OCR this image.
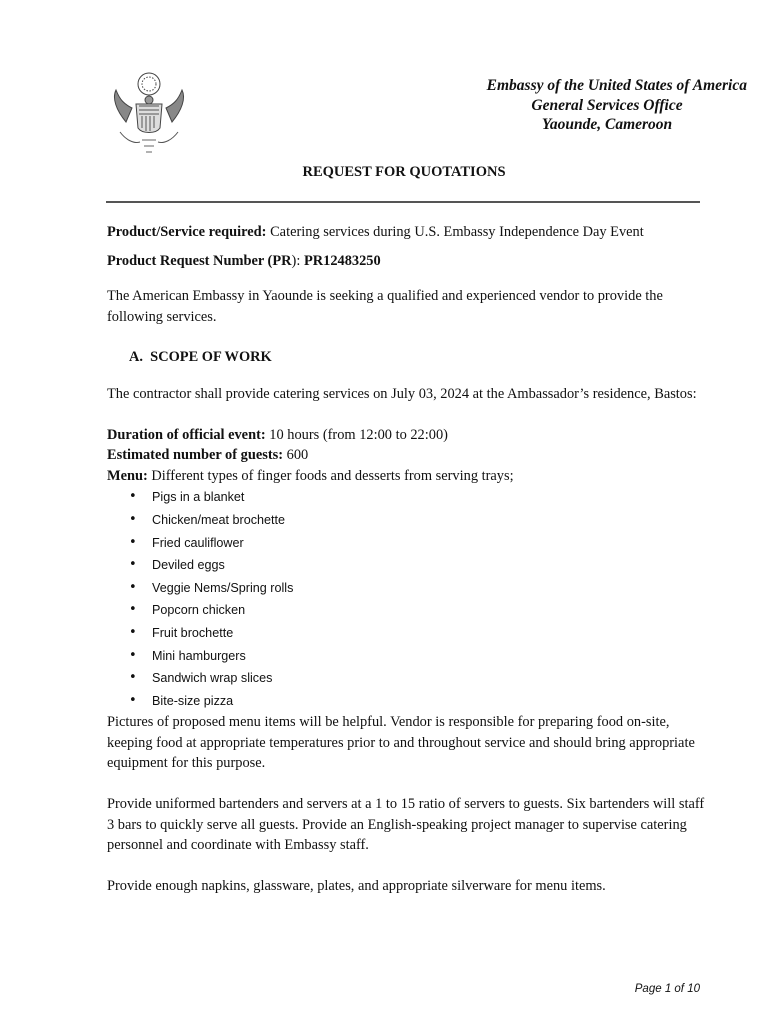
Embassy of the United States of America
General Services Office
Yaounde, Cameroon
REQUEST FOR QUOTATIONS

Product/Service required: Catering services during U.S. Embassy Independence Day Event

Product Request Number (PR): PR12483250

The American Embassy in Yaounde is seeking a qualified and experienced vendor to provide the following services.

A.  SCOPE OF WORK

The contractor shall provide catering services on July 03, 2024 at the Ambassador’s residence, Bastos:

Duration of official event: 10 hours (from 12:00 to 22:00)

Estimated number of guests: 600

Menu: Different types of finger foods and desserts from serving trays;

• Pigs in a blanket
• Chicken/meat brochette
• Fried cauliflower
• Deviled eggs
• Veggie Nems/Spring rolls
• Popcorn chicken
• Fruit brochette
• Mini hamburgers
• Sandwich wrap slices
• Bite-size pizza

Pictures of proposed menu items will be helpful. Vendor is responsible for preparing food on-site, keeping food at appropriate temperatures prior to and throughout service and should bring appropriate equipment for this purpose.

Provide uniformed bartenders and servers at a 1 to 15 ratio of servers to guests. Six bartenders will staff 3 bars to quickly serve all guests. Provide an English-speaking project manager to supervise catering personnel and coordinate with Embassy staff.

Provide enough napkins, glassware, plates, and appropriate silverware for menu items.

Page 1 of 10
